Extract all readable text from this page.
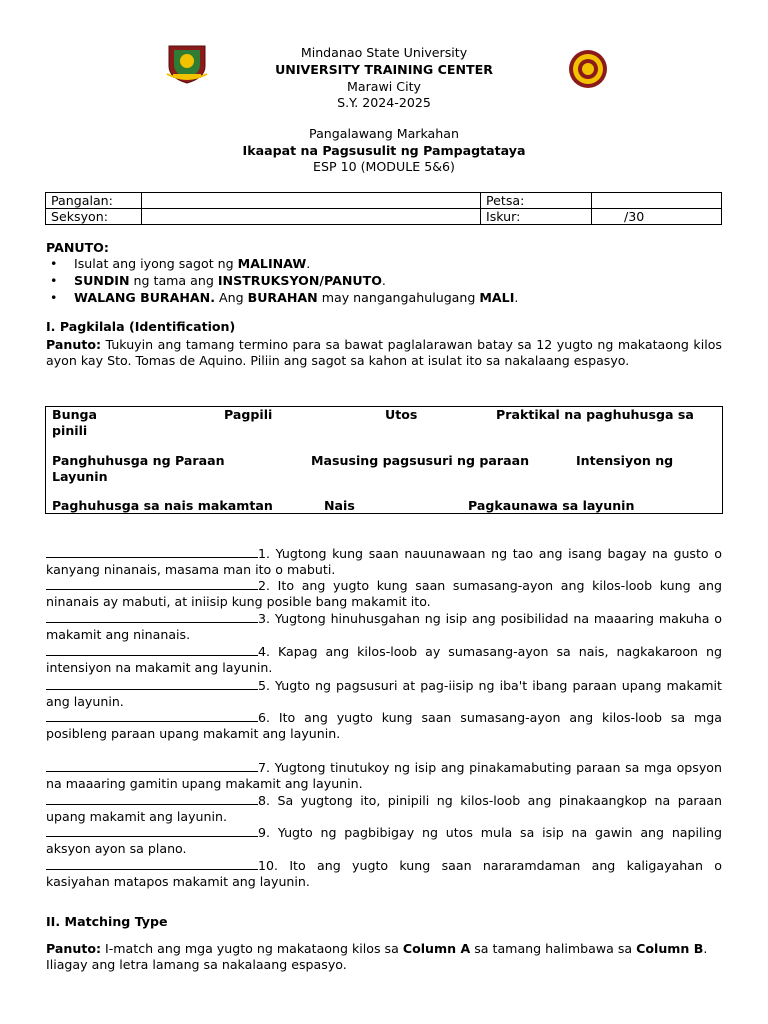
Mindanao State University
UNIVERSITY TRAINING CENTER
Marawi City
S.Y. 2024-2025
Pangalawang Markahan
Ikaapat na Pagsusulit ng Pampagtataya
ESP 10 (MODULE 5&6)
Pangalan:		Petsa:	
Seksyon:		Iskur:	/30
PANUTO:
• Isulat ang iyong sagot ng MALINAW.
• SUNDIN ng tama ang INSTRUKSYON/PANUTO.
• WALANG BURAHAN. Ang BURAHAN may nangangahulugang MALI.
I. Pagkilala (Identification)
Panuto: Tukuyin ang tamang termino para sa bawat paglalarawan batay sa 12 yugto ng makataong kilos ayon kay Sto. Tomas de Aquino. Piliin ang sagot sa kahon at isulat ito sa nakalaang espasyo.
Bunga	Pagpili	Utos	Praktikal na paghuhusga sa
pinili
Panghuhusga ng Paraan	Masusing pagsusuri ng paraan	Intensiyon ng
Layunin
Paghuhusga sa nais makamtan	Nais	Pagkaunawa sa layunin
1. Yugtong kung saan nauunawaan ng tao ang isang bagay na gusto o kanyang ninanais, masama man ito o mabuti.
2. Ito ang yugto kung saan sumasang-ayon ang kilos-loob kung ang ninanais ay mabuti, at iniisip kung posible bang makamit ito.
3. Yugtong hinuhusgahan ng isip ang posibilidad na maaaring makuha o makamit ang ninanais.
4. Kapag ang kilos-loob ay sumasang-ayon sa nais, nagkakaroon ng intensiyon na makamit ang layunin.
5. Yugto ng pagsusuri at pag-iisip ng iba't ibang paraan upang makamit ang layunin.
6. Ito ang yugto kung saan sumasang-ayon ang kilos-loob sa mga posibleng paraan upang makamit ang layunin.
7. Yugtong tinutukoy ng isip ang pinakamabuting paraan sa mga opsyon na maaaring gamitin upang makamit ang layunin.
8. Sa yugtong ito, pinipili ng kilos-loob ang pinakaangkop na paraan upang makamit ang layunin.
9. Yugto ng pagbibigay ng utos mula sa isip na gawin ang napiling aksyon ayon sa plano.
10. Ito ang yugto kung saan nararamdaman ang kaligayahan o kasiyahan matapos makamit ang layunin.
II. Matching Type
Panuto: I-match ang mga yugto ng makataong kilos sa Column A sa tamang halimbawa sa Column B. Iliagay ang letra lamang sa nakalaang espasyo.
